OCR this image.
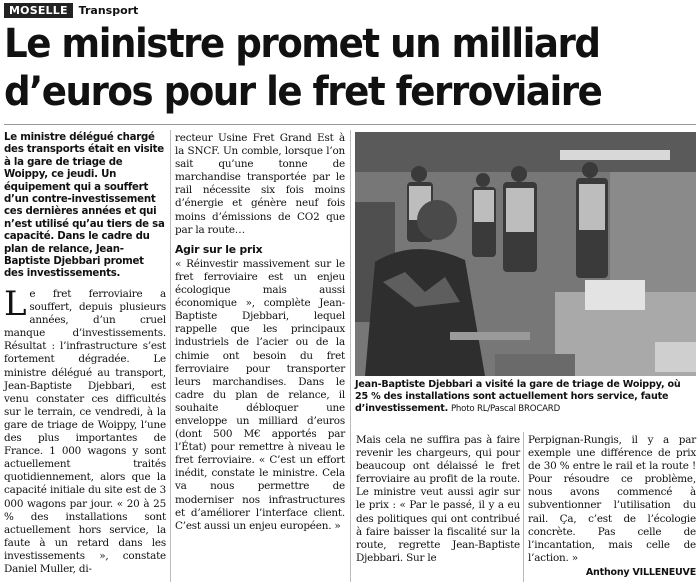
MOSELLE	Transport
Le ministre promet un milliard
d’euros pour le fret ferroviaire
Le ministre délégué chargé des transports était en visite à la gare de triage de Woippy, ce jeudi. Un équipement qui a souffert d’un contre-investissement ces dernières années et qui n’est utilisé qu’au tiers de sa capacité. Dans le cadre du plan de relance, Jean-Baptiste Djebbari promet des investissements.
L e fret ferroviaire a souffert, depuis plusieurs années, d’un cruel manque d’investissements. Résultat : l’infrastructure s’est fortement dégradée. Le ministre délégué au transport, Jean-Baptiste Djebbari, est venu constater ces difficultés sur le terrain, ce vendredi, à la gare de triage de Woippy, l’une des plus importantes de France. 1 000 wagons y sont actuellement traités quotidiennement, alors que la capacité initiale du site est de 3 000 wagons par jour. « 20 à 25 % des installations sont actuellement hors service, la faute à un retard dans les investissements », constate Daniel Muller, di-

recteur Usine Fret Grand Est à la SNCF. Un comble, lorsque l’on sait qu’une tonne de marchandise transportée par le rail nécessite six fois moins d’énergie et génère neuf fois moins d’émissions de CO2 que par la route…

Agir sur le prix

« Réinvestir massivement sur le fret ferroviaire est un enjeu écologique mais aussi économique », complète Jean-Baptiste Djebbari, lequel rappelle que les principaux industriels de l’acier ou de la chimie ont besoin du fret ferroviaire pour transporter leurs marchandises. Dans le cadre du plan de relance, il souhaite débloquer une enveloppe un milliard d’euros (dont 500 M€ apportés par l’État) pour remettre à niveau le fret ferroviaire. « C’est un effort inédit, constate le ministre. Cela va nous permettre de moderniser nos infrastructures et d’améliorer l’interface client. C’est aussi un enjeu européen. »

Jean-Baptiste Djebbari a visité la gare de triage de Woippy, où 25 % des installations sont actuellement hors service, faute d’investissement. Photo RL/Pascal BROCARD
Mais cela ne suffira pas à faire revenir les chargeurs, qui pour beaucoup ont délaissé le fret ferroviaire au profit de la route. Le ministre veut aussi agir sur le prix : « Par le passé, il y a eu des politiques qui ont contribué à faire baisser la fiscalité sur la route, regrette Jean-Baptiste Djebbari. Sur le

Perpignan-Rungis, il y a par exemple une différence de prix de 30 % entre le rail et la route ! Pour résoudre ce problème, nous avons commencé à subventionner l’utilisation du rail. Ça, c’est de l’écologie concrète. Pas celle de l’incantation, mais celle de l’action. »

Anthony VILLENEUVE
